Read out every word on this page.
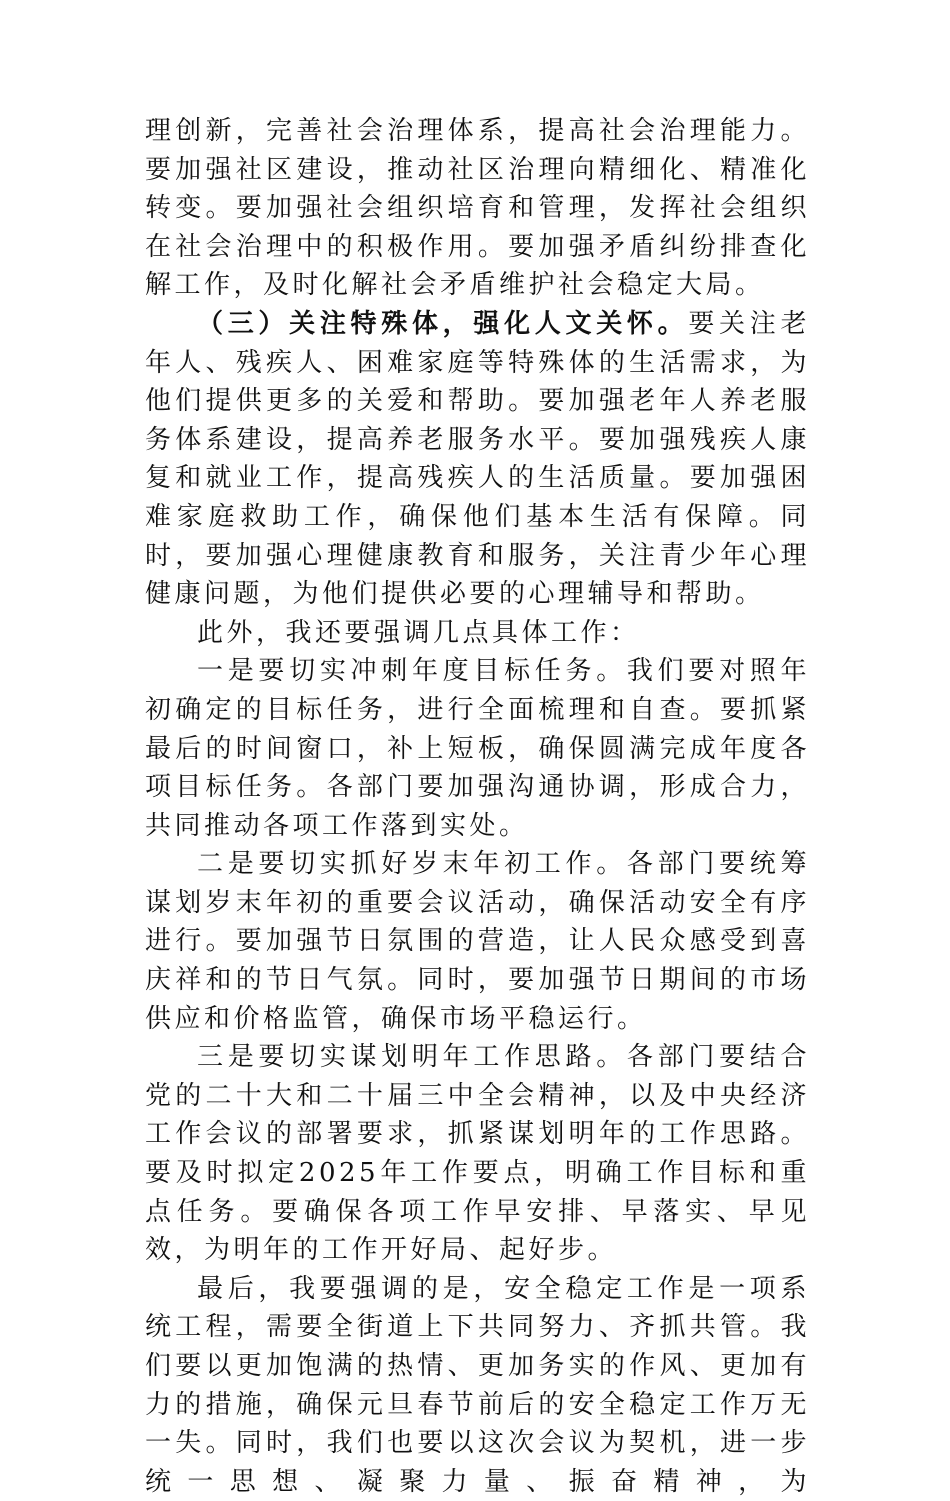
理创新，完善社会治理体系，提高社会治理能力。要加强社区建设，推动社区治理向精细化、精准化转变。要加强社会组织培育和管理，发挥社会组织在社会治理中的积极作用。要加强矛盾纠纷排查化解工作，及时化解社会矛盾维护社会稳定大局。

（三）关注特殊体，强化人文关怀。要关注老年人、残疾人、困难家庭等特殊体的生活需求，为他们提供更多的关爱和帮助。要加强老年人养老服务体系建设，提高养老服务水平。要加强残疾人康复和就业工作，提高残疾人的生活质量。要加强困难家庭救助工作，确保他们基本生活有保障。同时，要加强心理健康教育和服务，关注青少年心理健康问题，为他们提供必要的心理辅导和帮助。

此外，我还要强调几点具体工作：

一是要切实冲刺年度目标任务。我们要对照年初确定的目标任务，进行全面梳理和自查。要抓紧最后的时间窗口，补上短板，确保圆满完成年度各项目标任务。各部门要加强沟通协调，形成合力，共同推动各项工作落到实处。

二是要切实抓好岁末年初工作。各部门要统筹谋划岁末年初的重要会议活动，确保活动安全有序进行。要加强节日氛围的营造，让人民众感受到喜庆祥和的节日气氛。同时，要加强节日期间的市场供应和价格监管，确保市场平稳运行。

三是要切实谋划明年工作思路。各部门要结合党的二十大和二十届三中全会精神，以及中央经济工作会议的部署要求，抓紧谋划明年的工作思路。要及时拟定2025年工作要点，明确工作目标和重点任务。要确保各项工作早安排、早落实、早见效，为明年的工作开好局、起好步。

最后，我要强调的是，安全稳定工作是一项系统工程，需要全街道上下共同努力、齐抓共管。我们要以更加饱满的热情、更加务实的作风、更加有力的措施，确保元旦春节前后的安全稳定工作万无一失。同时，我们也要以这次会议为契机，进一步统一思想、凝聚力量、振奋精神，为
